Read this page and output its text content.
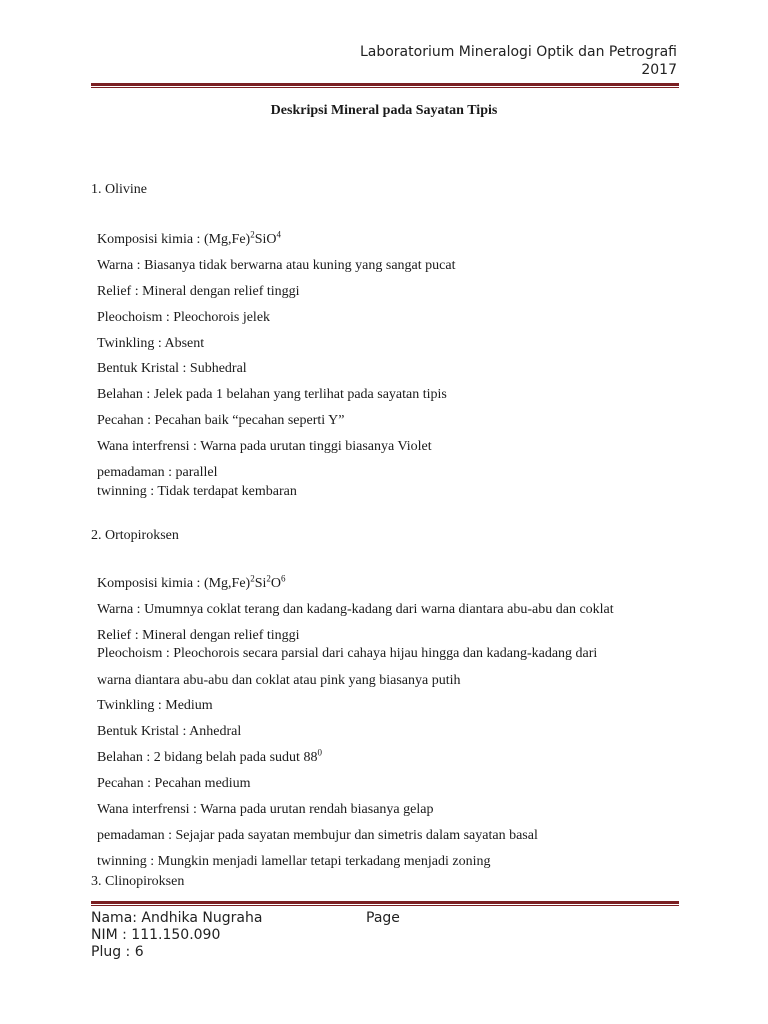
Laboratorium Mineralogi Optik dan Petrografi
2017
Deskripsi Mineral pada Sayatan Tipis
1. Olivine
Komposisi kimia : $(Mg,Fe)^2SiO^4$
Warna : Biasanya tidak berwarna atau kuning yang sangat pucat
Relief : Mineral dengan relief tinggi
Pleochoism : Pleochorois jelek
Twinkling : Absent
Bentuk Kristal : Subhedral
Belahan : Jelek pada 1 belahan yang terlihat pada sayatan tipis
Pecahan : Pecahan baik “pecahan seperti Y”
Wana interfrensi : Warna pada urutan tinggi biasanya Violet
pemadaman : parallel
twinning : Tidak terdapat kembaran
2. Ortopiroksen
Komposisi kimia : $(Mg,Fe)^2Si^2O^6$
Warna : Umumnya coklat terang dan kadang-kadang dari warna diantara abu-abu dan coklat
Relief : Mineral dengan relief tinggi
Pleochoism : Pleochorois secara parsial dari cahaya hijau hingga dan kadang-kadang dari
warna diantara abu-abu dan coklat atau pink yang biasanya putih
Twinkling : Medium
Bentuk Kristal : Anhedral
Belahan : 2 bidang belah pada sudut $88^0$
Pecahan : Pecahan medium
Wana interfrensi : Warna pada urutan rendah biasanya gelap
pemadaman : Sejajar pada sayatan membujur dan simetris dalam sayatan basal
twinning : Mungkin menjadi lamellar tetapi terkadang menjadi zoning
3. Clinopiroksen
Nama: Andhika Nugraha	Page
NIM : 111.150.090
Plug : 6
